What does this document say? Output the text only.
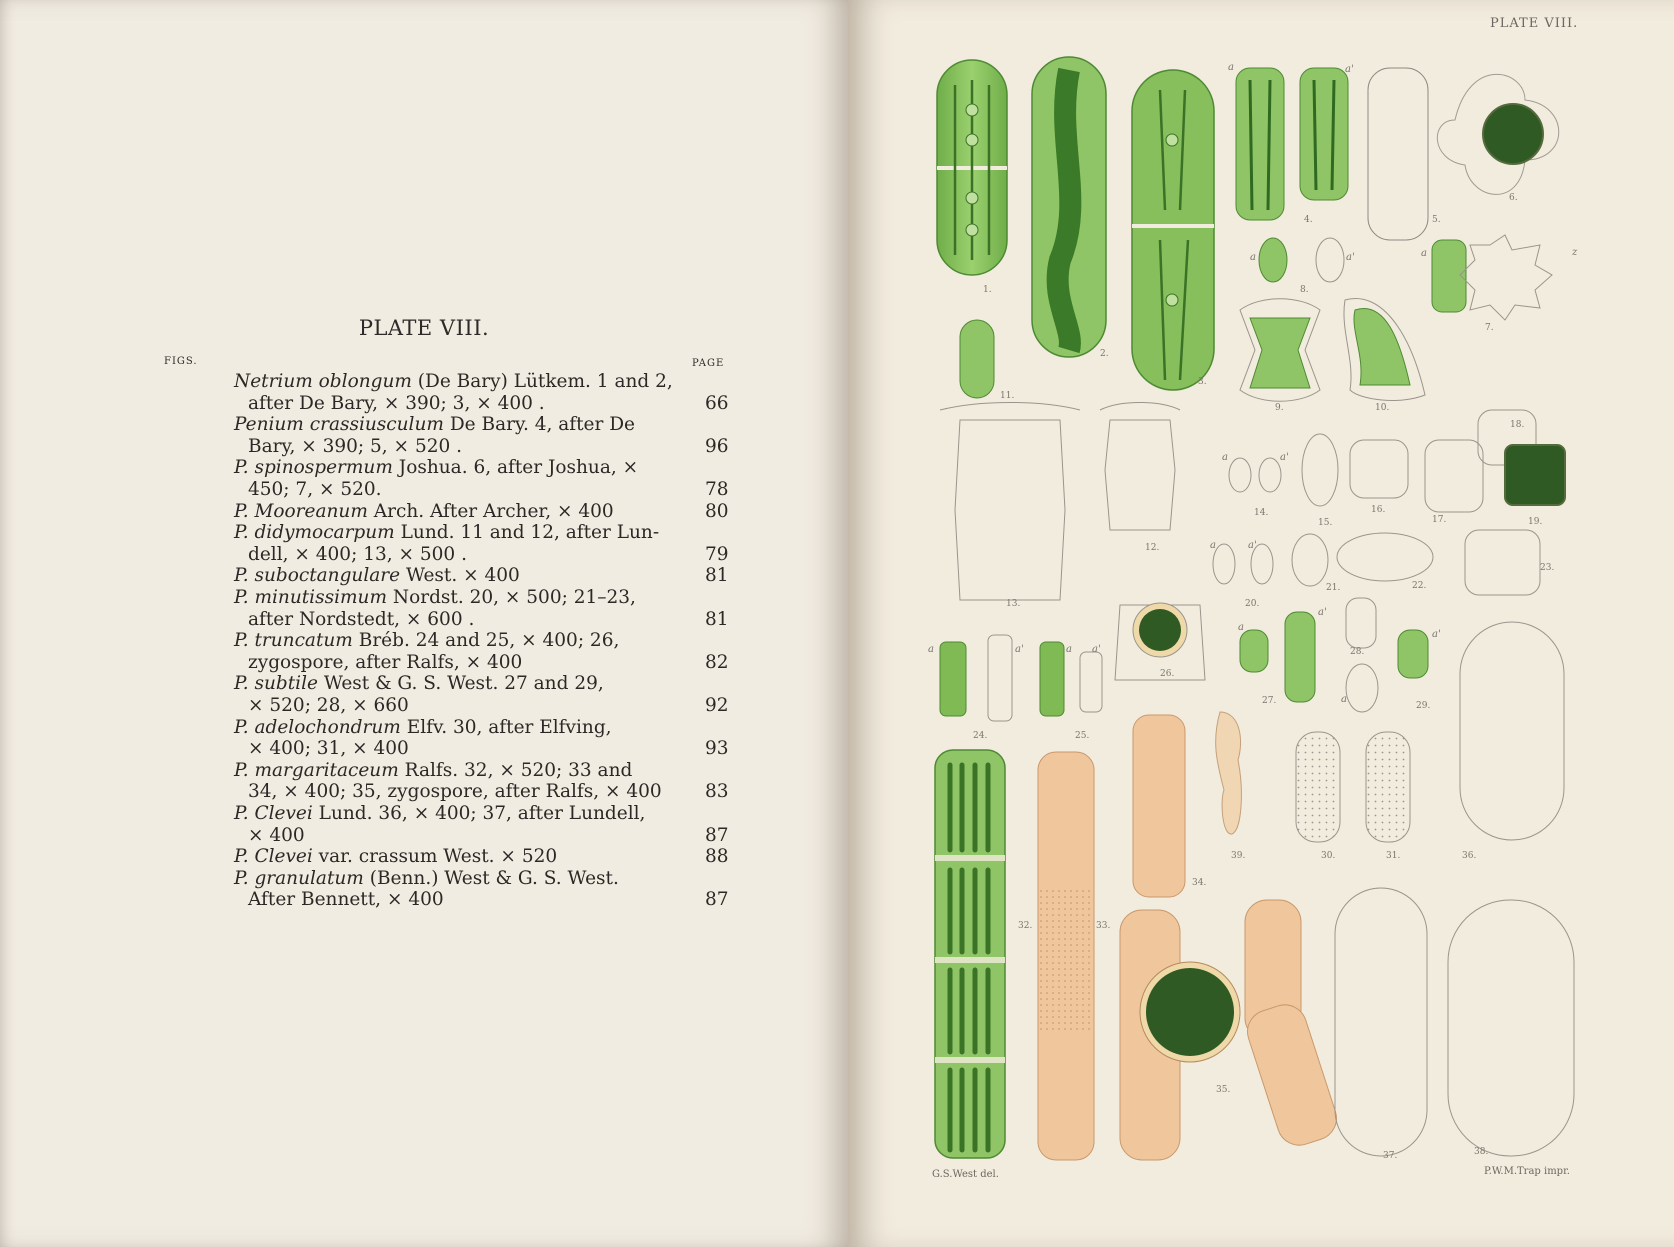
PLATE VIII.
FIGS.	PAGE
Netrium oblongum (De Bary) Lütkem. 1 and 2,
after De Bary, × 390; 3, × 400 .	66
Penium crassiusculum De Bary. 4, after De
Bary, × 390; 5, × 520 .	96
P. spinospermum Joshua. 6, after Joshua, ×
450; 7, × 520.	78
P. Mooreanum Arch. After Archer, × 400	80
P. didymocarpum Lund. 11 and 12, after Lun-
dell, × 400; 13, × 500 .	79
P. suboctangulare West. × 400	81
P. minutissimum Nordst. 20, × 500; 21–23,
after Nordstedt, × 600 .	81
P. truncatum Bréb. 24 and 25, × 400; 26,
zygospore, after Ralfs, × 400	82
P. subtile West & G. S. West. 27 and 29,
× 520; 28, × 660	92
P. adelochondrum Elfv. 30, after Elfving,
× 400; 31, × 400	93
P. margaritaceum Ralfs. 32, × 520; 33 and
34, × 400; 35, zygospore, after Ralfs, × 400 83
P. Clevei Lund. 36, × 400; 37, after Lundell,
× 400	87
P. Clevei var. crassum West. × 520	88
P. granulatum (Benn.) West & G. S. West.
After Bennett, × 400	87
PLATE VIII.
G.S.West del.	P.W.M.Trap impr.
1.
2.
3.
4.	5.
6.
7.
8.
9.	10.
11.
12.
13.
14.
15.
16.
17.
18.
19.
20.
21.	22.
23.
24.	25.
26.
27.
28.
29.
30.	31.
32.	33.
34.
35.
36.
37.	38.
39.
a	a'
a	a'	a	z
a	a'
a	a'
a	a'	a a'
a
a'
a
a'
